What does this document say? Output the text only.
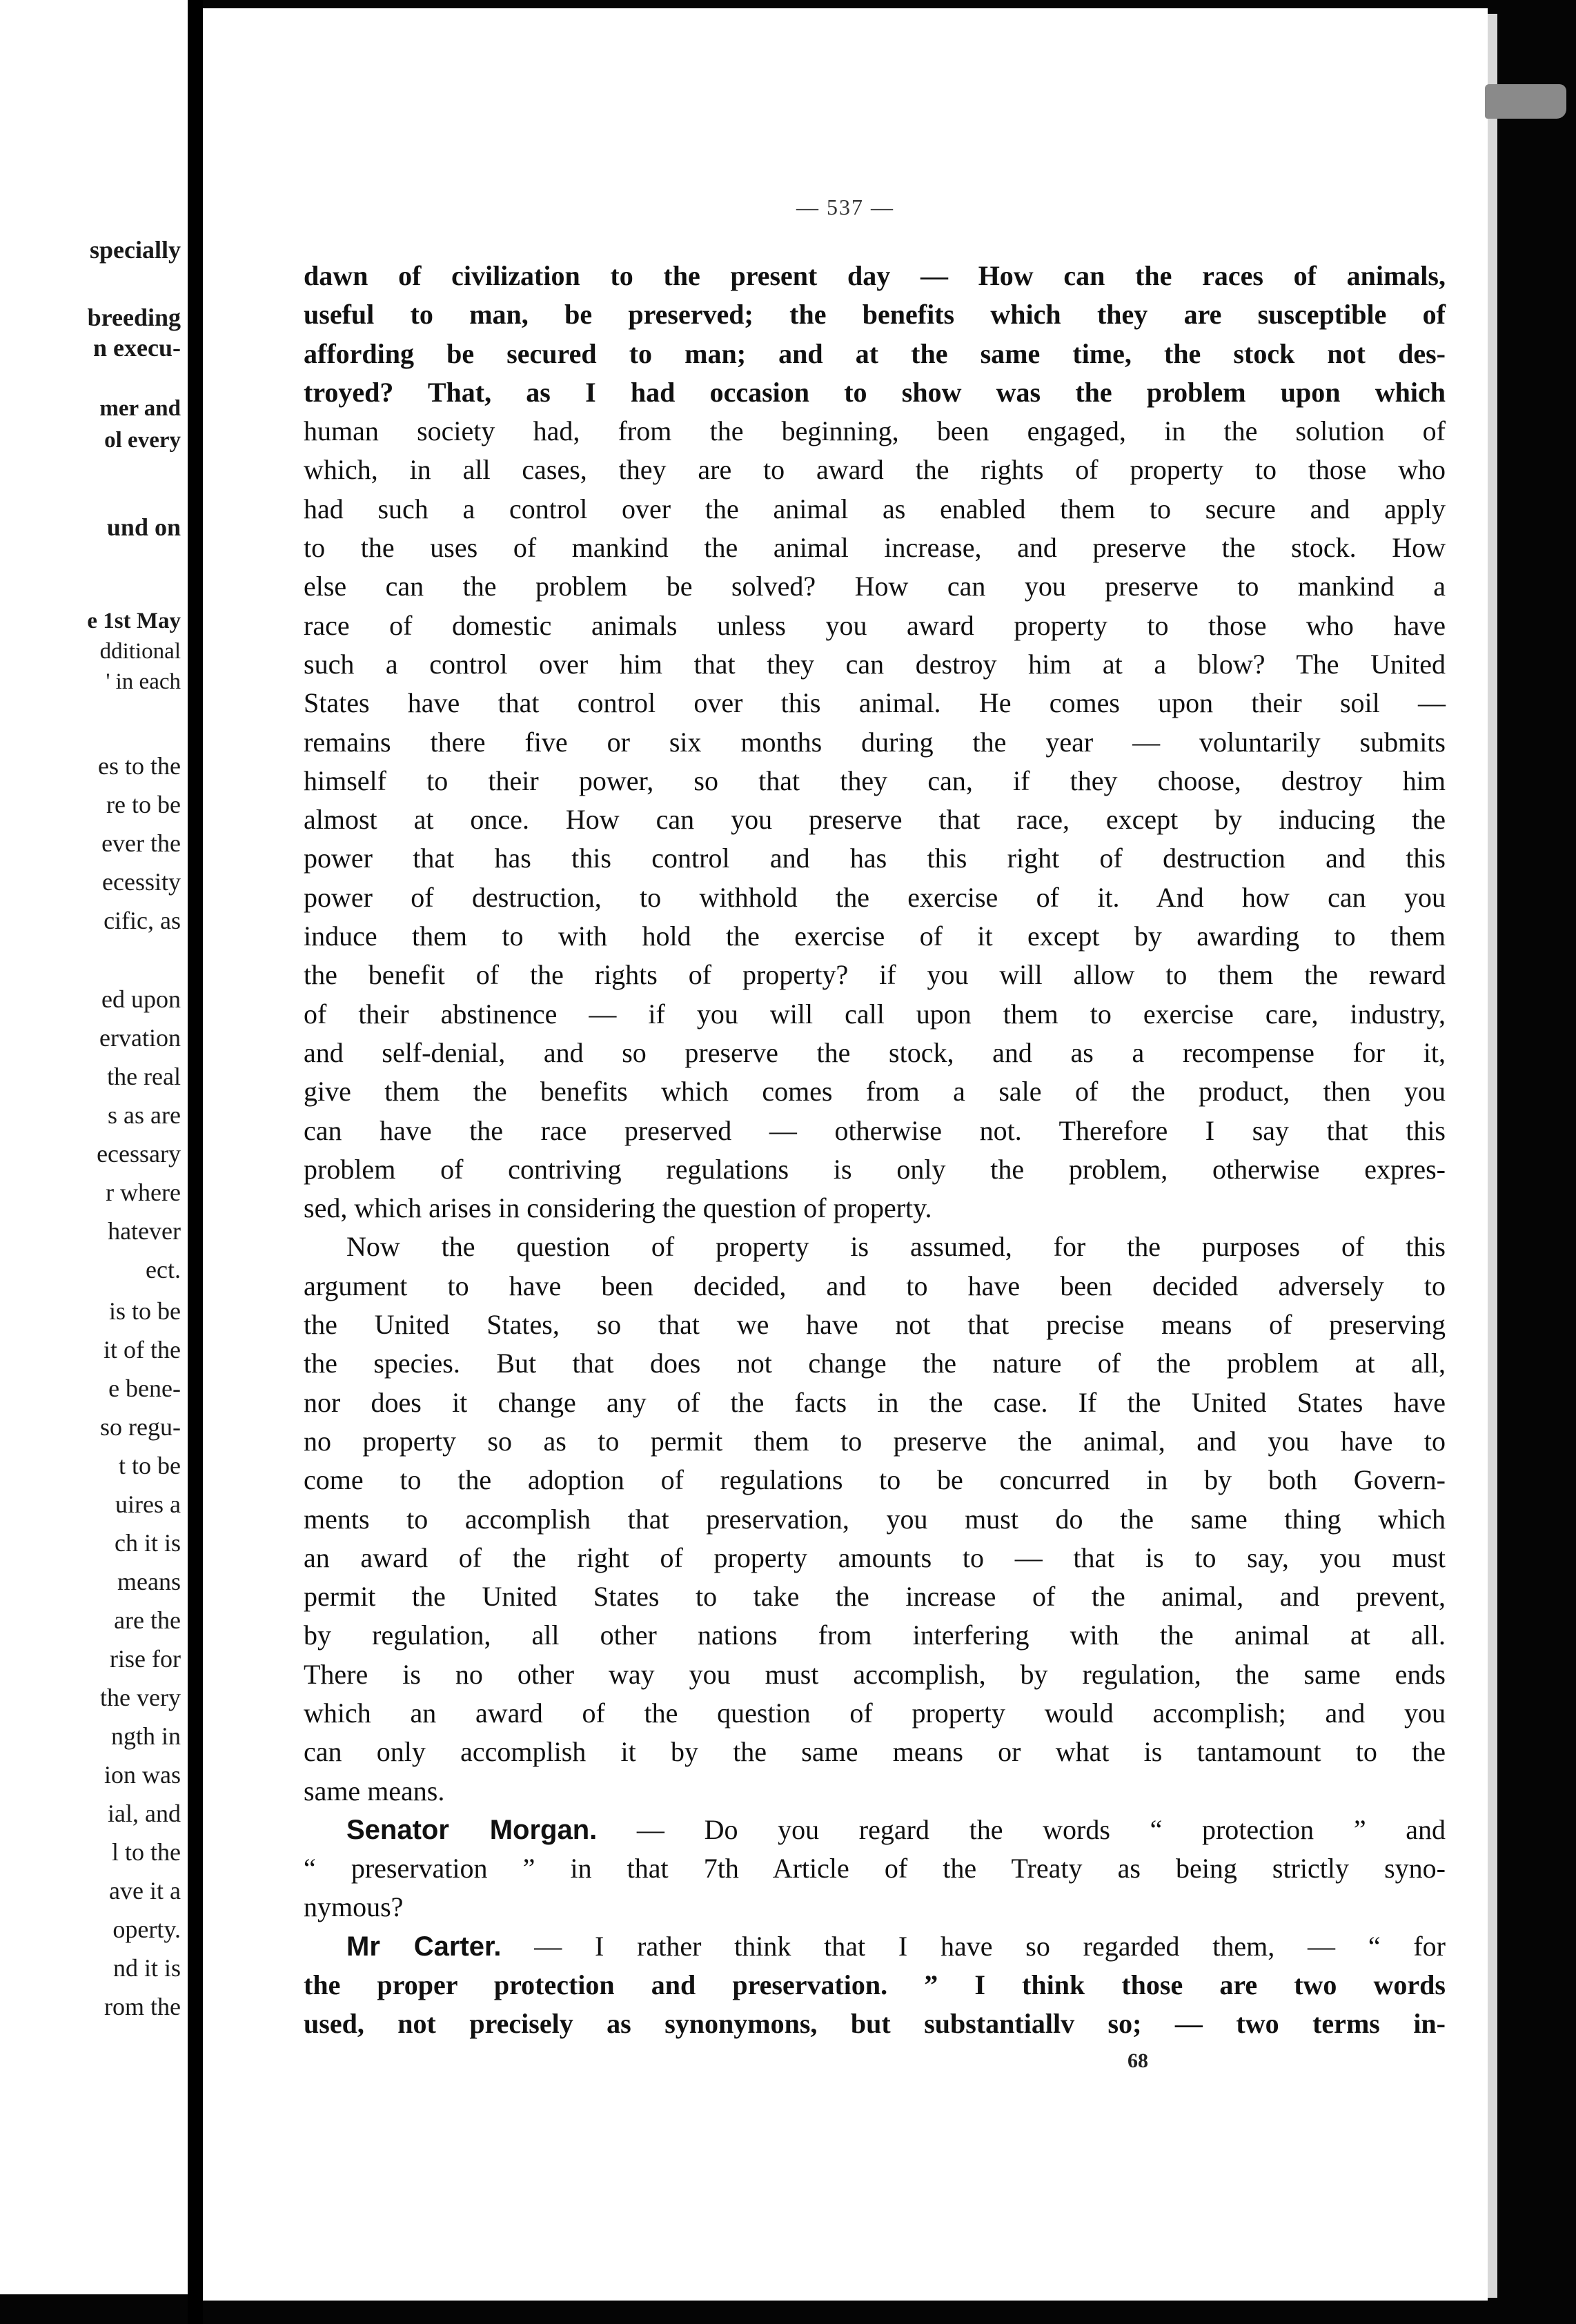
specially
breeding
n execu-
mer and
ol every
und on
e 1st May
dditional
' in each
es to the
re to be
ever the
ecessity
cific, as
ed upon
ervation
the real
s as are
ecessary
r where
hatever
ect.
is to be
it of the
e bene-
so regu-
t to be
uires a
ch it is
means
are the
rise for
the very
ngth in
ion was
ial, and
l to the
ave it a
operty.
nd it is
rom the
— 537 —
dawn of civilization to the present day — How can the races of animals,
useful to man, be preserved; the benefits which they are susceptible of
affording be secured to man; and at the same time, the stock not des-
troyed? That, as I had occasion to show was the problem upon which
human society had, from the beginning, been engaged, in the solution of
which, in all cases, they are to award the rights of property to those who
had such a control over the animal as enabled them to secure and apply
to the uses of mankind the animal increase, and preserve the stock. How
else can the problem be solved? How can you preserve to mankind a
race of domestic animals unless you award property to those who have
such a control over him that they can destroy him at a blow? The United
States have that control over this animal. He comes upon their soil —
remains there five or six months during the year — voluntarily submits
himself to their power, so that they can, if they choose, destroy him
almost at once. How can you preserve that race, except by inducing the
power that has this control and has this right of destruction and this
power of destruction, to withhold the exercise of it. And how can you
induce them to with hold the exercise of it except by awarding to them
the benefit of the rights of property? if you will allow to them the reward
of their abstinence — if you will call upon them to exercise care, industry,
and self-denial, and so preserve the stock, and as a recompense for it,
give them the benefits which comes from a sale of the product, then you
can have the race preserved — otherwise not. Therefore I say that this
problem of contriving regulations is only the problem, otherwise expres-
sed, which arises in considering the question of property.
Now the question of property is assumed, for the purposes of this
argument to have been decided, and to have been decided adversely to
the United States, so that we have not that precise means of preserving
the species. But that does not change the nature of the problem at all,
nor does it change any of the facts in the case. If the United States have
no property so as to permit them to preserve the animal, and you have to
come to the adoption of regulations to be concurred in by both Govern-
ments to accomplish that preservation, you must do the same thing which
an award of the right of property amounts to — that is to say, you must
permit the United States to take the increase of the animal, and prevent,
by regulation, all other nations from interfering with the animal at all.
There is no other way you must accomplish, by regulation, the same ends
which an award of the question of property would accomplish; and you
can only accomplish it by the same means or what is tantamount to the
same means.
Senator Morgan. — Do you regard the words “ protection ” and
“ preservation ” in that 7th Article of the Treaty as being strictly syno-
nymous?
Mr Carter. — I rather think that I have so regarded them, — “ for
the proper protection and preservation. ” I think those are two words
used, not precisely as synonymons, but substantiallv so; — two terms in-
68
